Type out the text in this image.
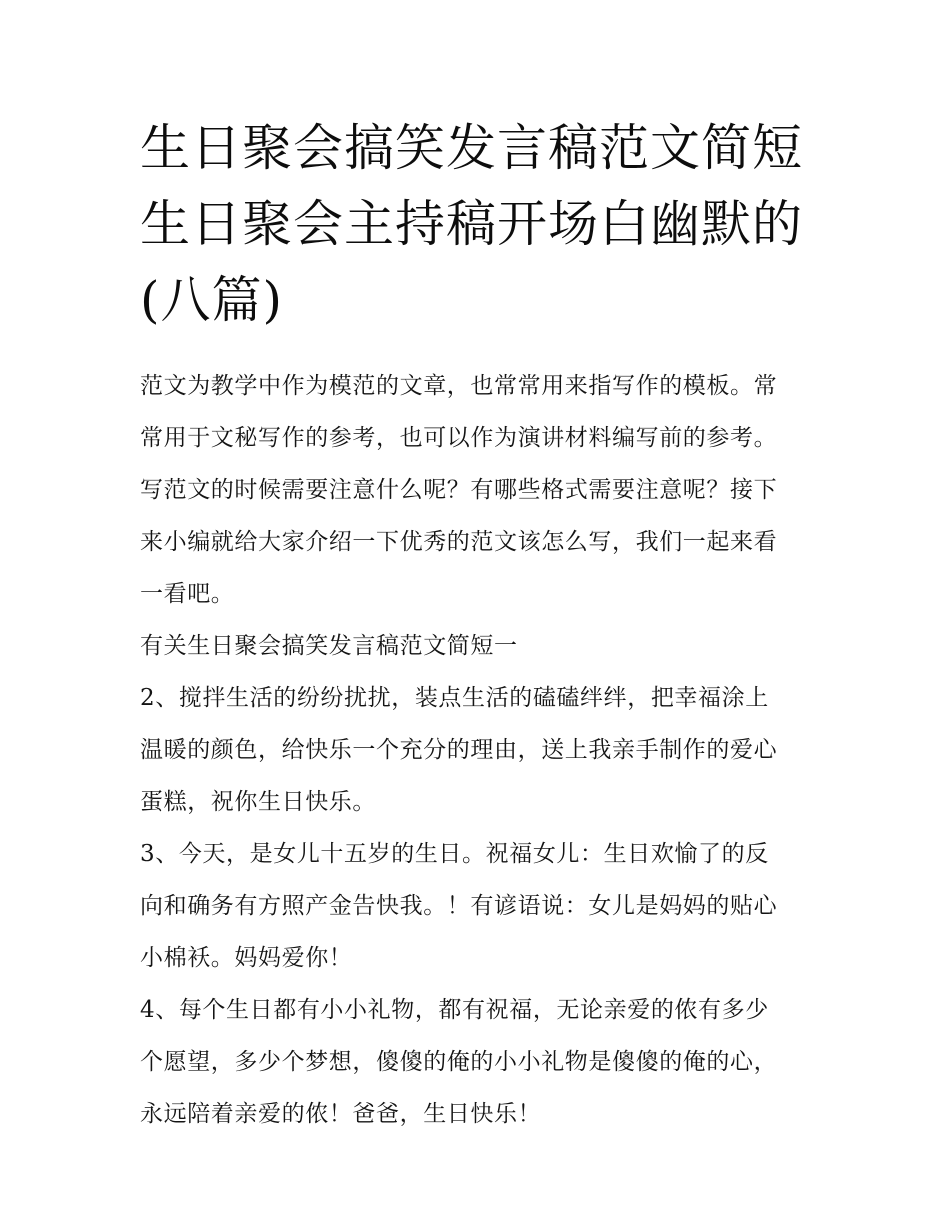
生日聚会搞笑发言稿范文简短
生日聚会主持稿开场白幽默的
(八篇)

范文为教学中作为模范的文章，也常常用来指写作的模板。常
常用于文秘写作的参考，也可以作为演讲材料编写前的参考。
写范文的时候需要注意什么呢？有哪些格式需要注意呢？接下
来小编就给大家介绍一下优秀的范文该怎么写，我们一起来看
一看吧。

有关生日聚会搞笑发言稿范文简短一

2、搅拌生活的纷纷扰扰，装点生活的磕磕绊绊，把幸福涂上
温暖的颜色，给快乐一个充分的理由，送上我亲手制作的爱心
蛋糕，祝你生日快乐。

3、今天，是女儿十五岁的生日。祝福女儿：生日欢愉了的反
向和确务有方照产金告快我。！有谚语说：女儿是妈妈的贴心
小棉袄。妈妈爱你！

4、每个生日都有小小礼物，都有祝福，无论亲爱的侬有多少
个愿望，多少个梦想，傻傻的俺的小小礼物是傻傻的俺的心，
永远陪着亲爱的侬！爸爸，生日快乐！
